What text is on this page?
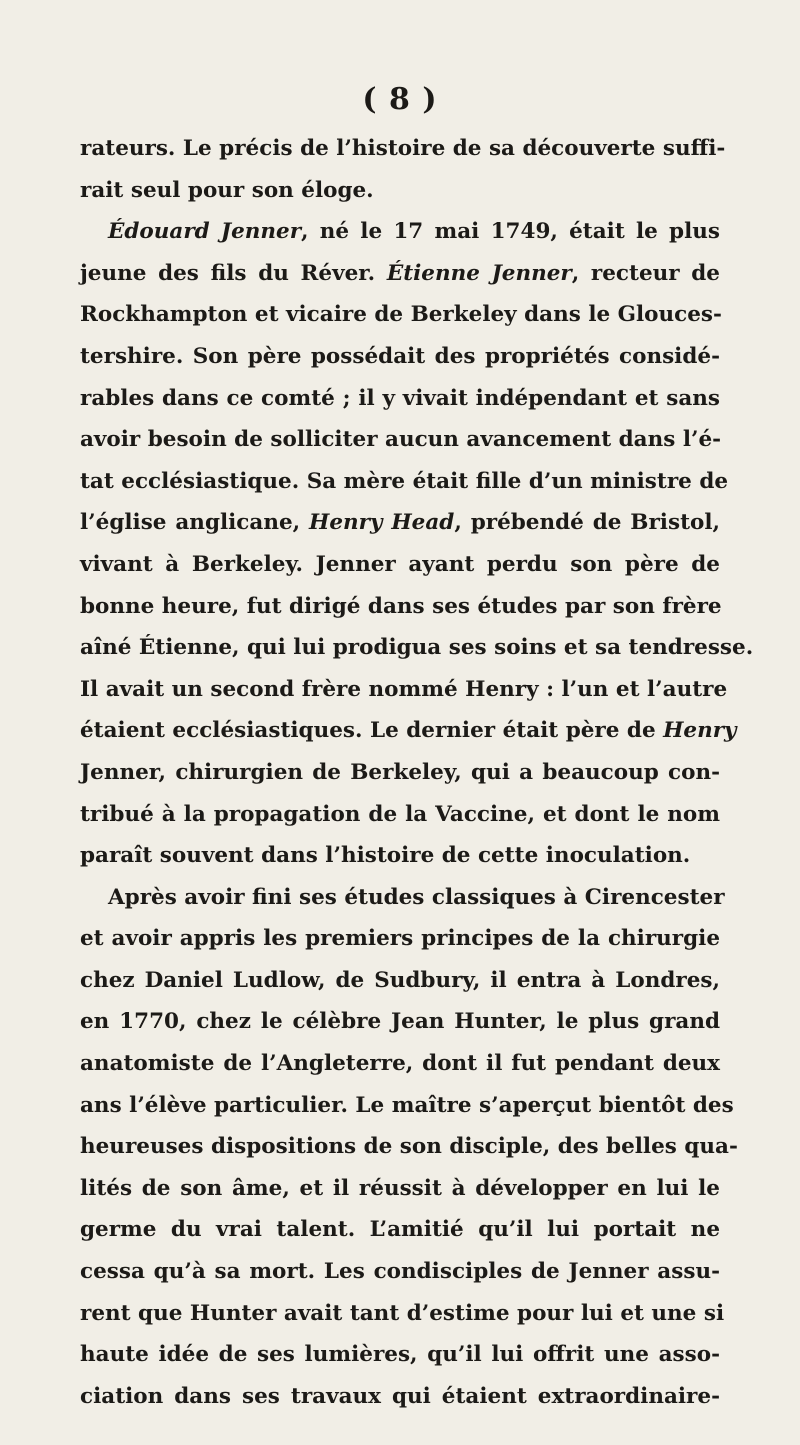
( 8 )
rateurs. Le précis de l’histoire de sa découverte suffi-
rait seul pour son éloge.
Édouard Jenner, né le 17 mai 1749, était le plus
jeune des fils du Réver. Étienne Jenner, recteur de
Rockhampton et vicaire de Berkeley dans le Glouces-
tershire. Son père possédait des propriétés considé-
rables dans ce comté ; il y vivait indépendant et sans
avoir besoin de solliciter aucun avancement dans l’é-
tat ecclésiastique. Sa mère était fille d’un ministre de
l’église anglicane, Henry Head, prébendé de Bristol,
vivant à Berkeley. Jenner ayant perdu son père de
bonne heure, fut dirigé dans ses études par son frère
aîné Étienne, qui lui prodigua ses soins et sa tendresse.
Il avait un second frère nommé Henry : l’un et l’autre
étaient ecclésiastiques. Le dernier était père de Henry
Jenner, chirurgien de Berkeley, qui a beaucoup con-
tribué à la propagation de la Vaccine, et dont le nom
paraît souvent dans l’histoire de cette inoculation.
Après avoir fini ses études classiques à Cirencester
et avoir appris les premiers principes de la chirurgie
chez Daniel Ludlow, de Sudbury, il entra à Londres,
en 1770, chez le célèbre Jean Hunter, le plus grand
anatomiste de l’Angleterre, dont il fut pendant deux
ans l’élève particulier. Le maître s’aperçut bientôt des
heureuses dispositions de son disciple, des belles qua-
lités de son âme, et il réussit à développer en lui le
germe du vrai talent. L’amitié qu’il lui portait ne
cessa qu’à sa mort. Les condisciples de Jenner assu-
rent que Hunter avait tant d’estime pour lui et une si
haute idée de ses lumières, qu’il lui offrit une asso-
ciation dans ses travaux qui étaient extraordinaire-
